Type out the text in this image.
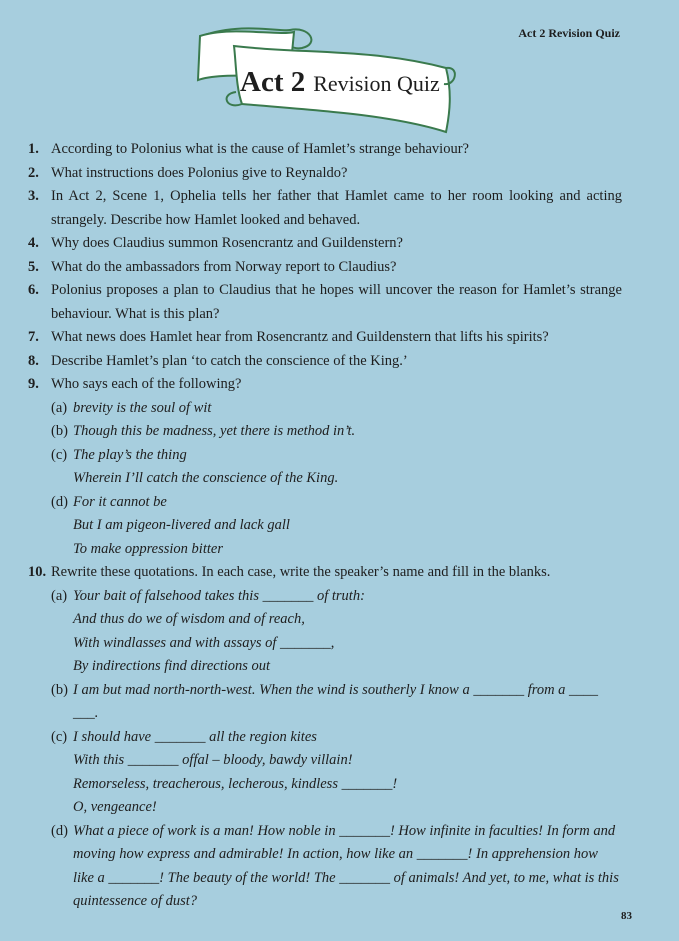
Act 2 Revision Quiz
Act 2 Revision Quiz
1. According to Polonius what is the cause of Hamlet’s strange behaviour?
2. What instructions does Polonius give to Reynaldo?
3. In Act 2, Scene 1, Ophelia tells her father that Hamlet came to her room looking and acting strangely. Describe how Hamlet looked and behaved.
4. Why does Claudius summon Rosencrantz and Guildenstern?
5. What do the ambassadors from Norway report to Claudius?
6. Polonius proposes a plan to Claudius that he hopes will uncover the reason for Hamlet’s strange behaviour. What is this plan?
7. What news does Hamlet hear from Rosencrantz and Guildenstern that lifts his spirits?
8. Describe Hamlet’s plan ‘to catch the conscience of the King.’
9. Who says each of the following?
(a) brevity is the soul of wit
(b) Though this be madness, yet there is method in’t.
(c) The play’s the thing
Wherein I’ll catch the conscience of the King.
(d) For it cannot be
But I am pigeon-livered and lack gall
To make oppression bitter
10. Rewrite these quotations. In each case, write the speaker’s name and fill in the blanks.
(a) Your bait of falsehood takes this _______ of truth:
And thus do we of wisdom and of reach,
With windlasses and with assays of _______,
By indirections find directions out
(b) I am but mad north-north-west. When the wind is southerly I know a _______ from a ____ ___.
(c) I should have _______ all the region kites
With this _______ offal – bloody, bawdy villain!
Remorseless, treacherous, lecherous, kindless _______!
O, vengeance!
(d) What a piece of work is a man! How noble in _______! How infinite in faculties! In form and moving how express and admirable! In action, how like an _______! In apprehension how like a _______! The beauty of the world! The _______ of animals! And yet, to me, what is this quintessence of dust?
83
